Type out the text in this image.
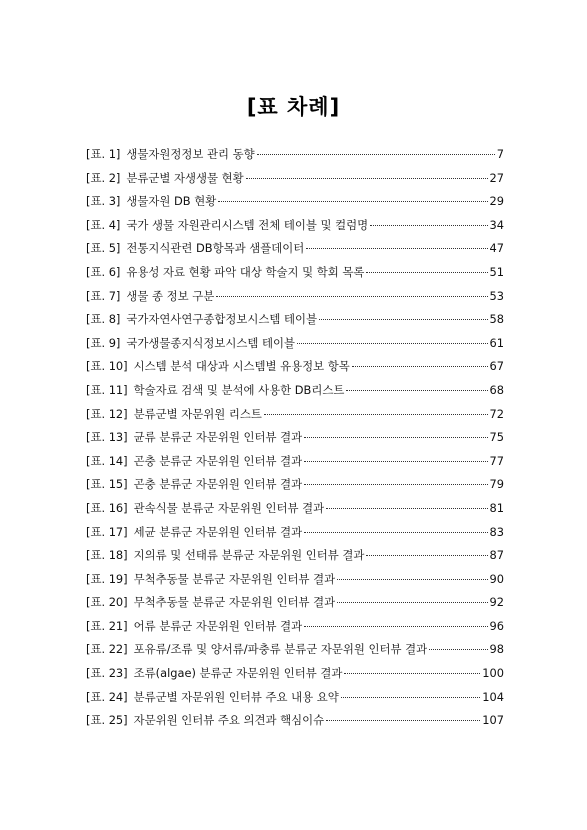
[표 차례]
[표. 1] 생물자원정정보 관리 동향	7
[표. 2] 분류군별 자생생물 현황	27
[표. 3] 생물자원 DB 현황	29
[표. 4] 국가 생물 자원관리시스템 전체 테이블 및 컬럼명	34
[표. 5] 전통지식관련 DB항목과 샘플데이터	47
[표. 6] 유용성 자료 현황 파악 대상 학술지 및 학회 목록	51
[표. 7] 생물 종 정보 구분	53
[표. 8] 국가자연사연구종합정보시스템 테이블	58
[표. 9] 국가생물종지식정보시스템 테이블	61
[표. 10] 시스템 분석 대상과 시스템별 유용정보 항목	67
[표. 11] 학술자료 검색 및 분석에 사용한 DB리스트	68
[표. 12] 분류군별 자문위원 리스트	72
[표. 13] 균류 분류군 자문위원 인터뷰 결과	75
[표. 14] 곤충 분류군 자문위원 인터뷰 결과	77
[표. 15] 곤충 분류군 자문위원 인터뷰 결과	79
[표. 16] 관속식물 분류군 자문위원 인터뷰 결과	81
[표. 17] 세균 분류군 자문위원 인터뷰 결과	83
[표. 18] 지의류 및 선태류 분류군 자문위원 인터뷰 결과	87
[표. 19] 무척추동물 분류군 자문위원 인터뷰 결과	90
[표. 20] 무척추동물 분류군 자문위원 인터뷰 결과	92
[표. 21] 어류 분류군 자문위원 인터뷰 결과	96
[표. 22] 포유류/조류 및 양서류/파충류 분류군 자문위원 인터뷰 결과	98
[표. 23] 조류(algae) 분류군 자문위원 인터뷰 결과	100
[표. 24] 분류군별 자문위원 인터뷰 주요 내용 요약	104
[표. 25] 자문위원 인터뷰 주요 의견과 핵심이슈	107
